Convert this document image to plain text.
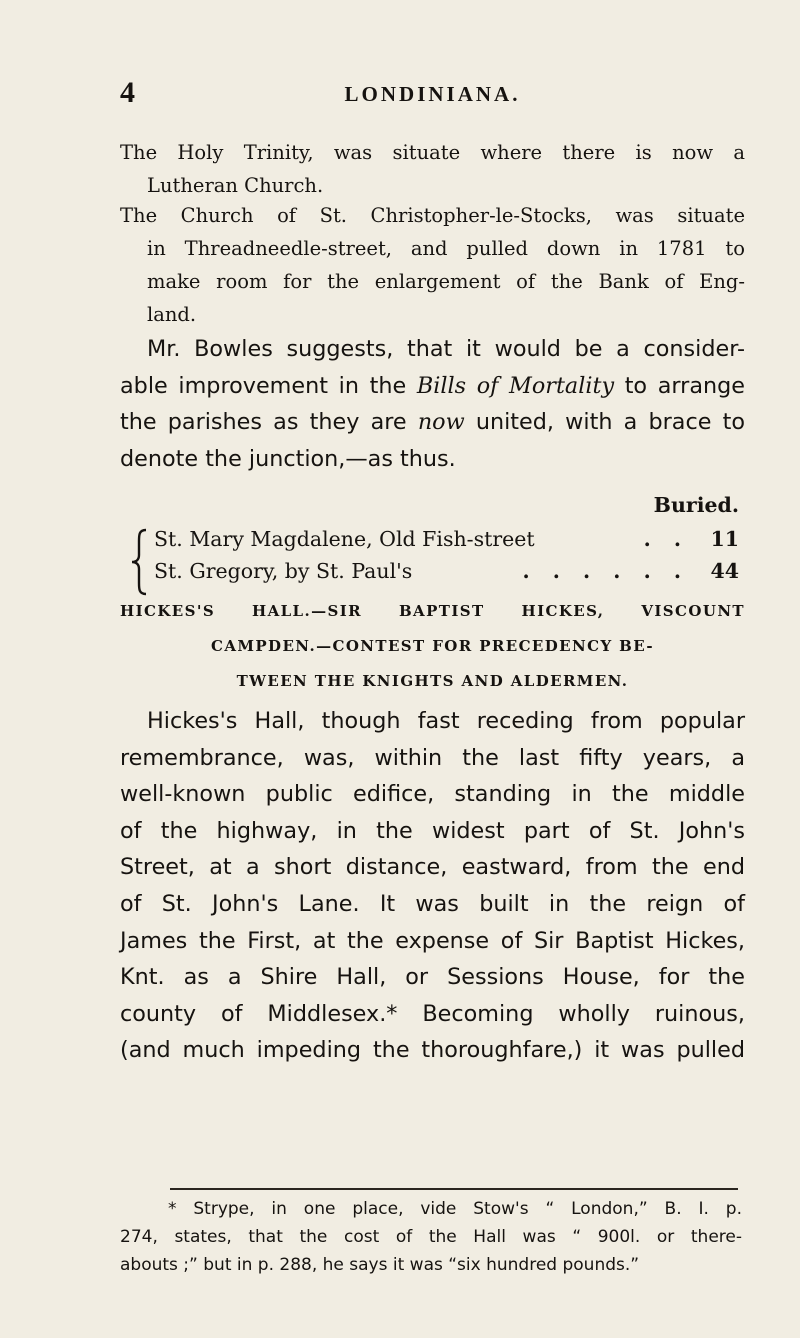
4	LONDINIANA.

The Holy Trinity, was situate where there is now a
Lutheran Church.

The Church of St. Christopher-le-Stocks, was situate
in Threadneedle-street, and pulled down in 1781 to
make room for the enlargement of the Bank of Eng-
land.

Mr. Bowles suggests, that it would be a consider-
able improvement in the Bills of Mortality to arrange
the parishes as they are now united, with a brace to
denote the junction,—as thus.

Buried.
St. Mary Magdalene, Old Fish-street	. .	11
St. Gregory, by St. Paul's	. . . . . .	44
HICKES'S HALL.—SIR BAPTIST HICKES, VISCOUNT
CAMPDEN.—CONTEST FOR PRECEDENCY BE-
TWEEN THE KNIGHTS AND ALDERMEN.

Hickes's Hall, though fast receding from popular
remembrance, was, within the last fifty years, a
well-known public edifice, standing in the middle
of the highway, in the widest part of St. John's
Street, at a short distance, eastward, from the end
of St. John's Lane. It was built in the reign of
James the First, at the expense of Sir Baptist Hickes,
Knt. as a Shire Hall, or Sessions House, for the
county of Middlesex.* Becoming wholly ruinous,
(and much impeding the thoroughfare,) it was pulled

* Strype, in one place, vide Stow's “ London,” B. I. p.
274, states, that the cost of the Hall was “ 900l. or there-
abouts ;” but in p. 288, he says it was “six hundred pounds.”
